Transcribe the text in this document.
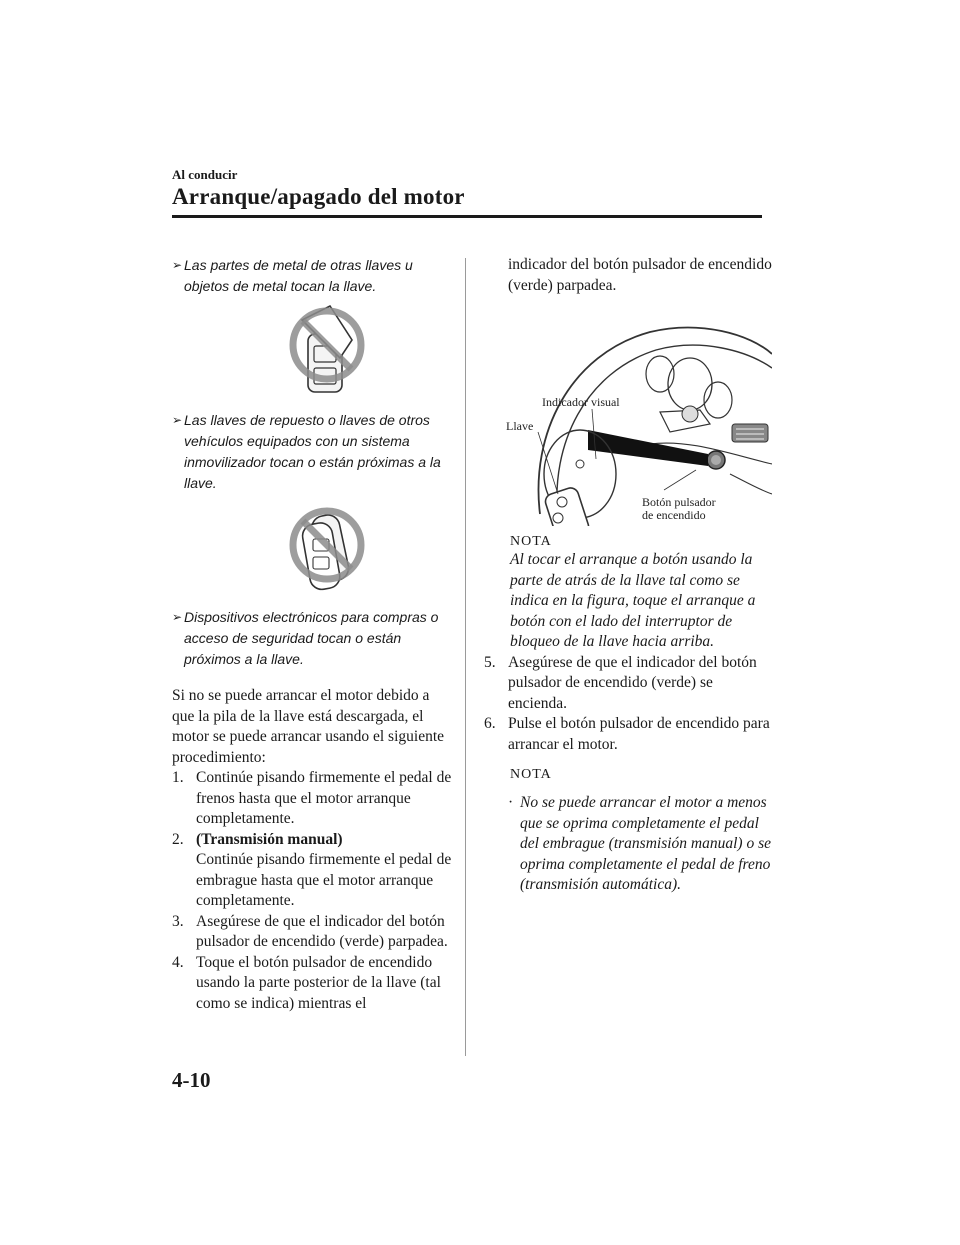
Al conducir
Arranque/apagado del motor
➢ Las partes de metal de otras llaves u objetos de metal tocan la llave.
➢ Las llaves de repuesto o llaves de otros vehículos equipados con un sistema inmovilizador tocan o están próximas a la llave.
➢ Dispositivos electrónicos para compras o acceso de seguridad tocan o están próximos a la llave.
Si no se puede arrancar el motor debido a que la pila de la llave está descargada, el motor se puede arrancar usando el siguiente procedimiento:
1. Continúe pisando firmemente el pedal de frenos hasta que el motor arranque completamente.
2. (Transmisión manual)
Continúe pisando firmemente el pedal de embrague hasta que el motor arranque completamente.
3. Asegúrese de que el indicador del botón pulsador de encendido (verde) parpadea.
4. Toque el botón pulsador de encendido usando la parte posterior de la llave (tal como se indica) mientras el
indicador del botón pulsador de encendido (verde) parpadea.
Indicador visual
Llave
Botón pulsador
de encendido
NOTA
Al tocar el arranque a botón usando la parte de atrás de la llave tal como se indica en la figura, toque el arranque a botón con el lado del interruptor de bloqueo de la llave hacia arriba.
5. Asegúrese de que el indicador del botón pulsador de encendido (verde) se encienda.
6. Pulse el botón pulsador de encendido para arrancar el motor.
NOTA
· No se puede arrancar el motor a menos que se oprima completamente el pedal del embrague (transmisión manual) o se oprima completamente el pedal de freno (transmisión automática).
4-10
